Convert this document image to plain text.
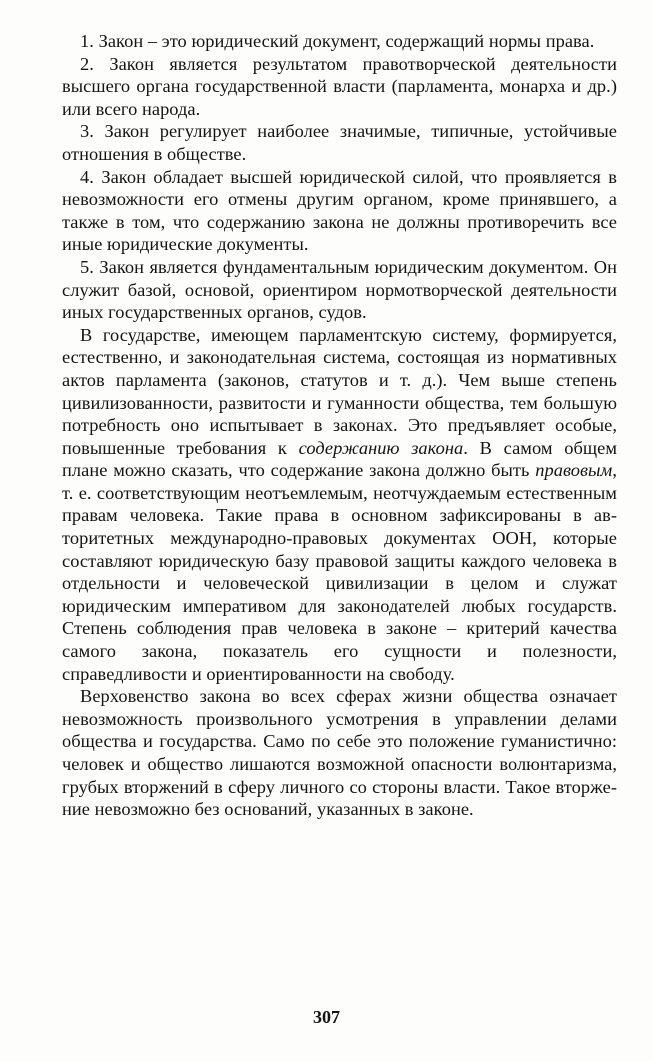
1. Закон – это юридический документ, содержащий нормы права.

2. Закон является результатом правотворческой деятельности высшего органа государственной власти (парламента, монарха и др.) или всего народа.

3. Закон регулирует наиболее значимые, типичные, устойчивые отношения в обществе.

4. Закон обладает высшей юридической силой, что проявляется в невозможности его отмены другим органом, кроме принявшего, а также в том, что содержанию закона не должны противоречить все иные юридические документы.

5. Закон является фундаментальным юридическим документом. Он служит базой, основой, ориентиром нормотворческой деятельности иных государственных органов, судов.

В государстве, имеющем парламентскую систему, формируется, естественно, и законодательная система, состоящая из нормативных актов парламента (законов, статутов и т. д.). Чем выше степень цивилизованности, развитости и гуманности общества, тем большую потребность оно испытывает в законах. Это предъявляет особые, повышенные требования к содержанию закона. В самом общем плане можно сказать, что содержание закона должно быть правовым, т. е. соответствующим неотъемлемым, неотчуждаемым естественным правам человека. Такие права в основном зафиксированы в авторитетных международно-правовых документах ООН, которые составляют юридическую базу правовой защиты каждого человека в отдельности и человеческой цивилизации в целом и служат юридическим императивом для законодателей любых государств. Степень соблюдения прав человека в законе – критерий качества самого закона, показатель его сущности и полезности, справедливости и ориентированности на свободу.

Верховенство закона во всех сферах жизни общества означает невозможность произвольного усмотрения в управлении делами общества и государства. Само по себе это положение гуманистично: человек и общество лишаются возможной опасности волюнтаризма, грубых вторжений в сферу личного со стороны власти. Такое вторжение невозможно без оснований, указанных в законе.

307
